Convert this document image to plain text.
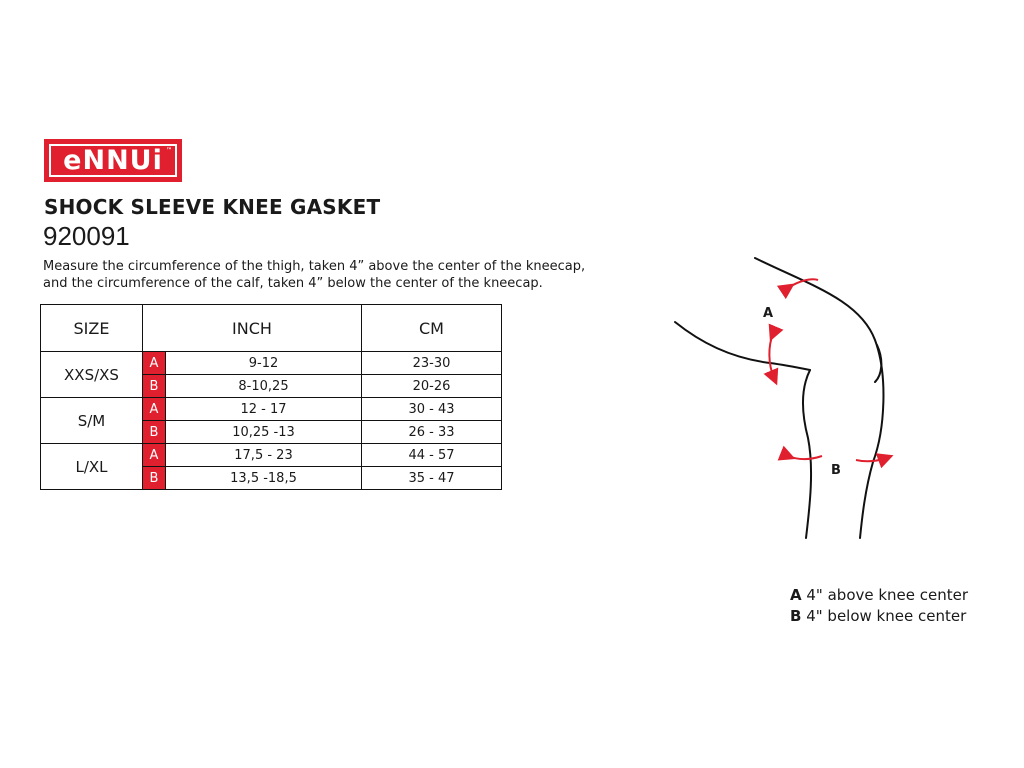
eNNUi ™
SHOCK SLEEVE KNEE GASKET
920091
Measure the circumference of the thigh, taken 4” above the center of the kneecap,
and the circumference of the calf, taken 4” below the center of the kneecap.
SIZE	INCH		CM
XXS/XS	A	9-12	23-30
	B	8-10,25	20-26
S/M	A	12 - 17	30 - 43
	B	10,25 -13	26 - 33
L/XL	A	17,5 - 23	44 - 57
	B	13,5 -18,5	35 - 47
A
B
A 4" above knee center
B 4" below knee center
